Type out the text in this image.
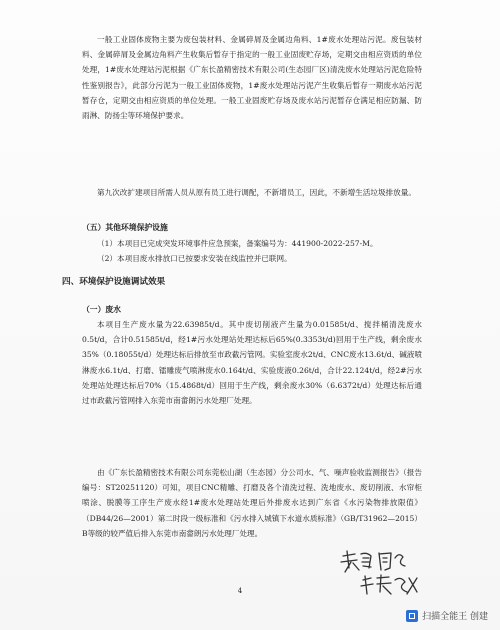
一般工业固体废物主要为废包装材料、金属碎屑及金属边角料、1#废水处理站污泥。废包装材料、金属碎屑及金属边角料产生收集后暂存于指定的一般工业固废贮存场，定期交由相应资质的单位处理，1#废水处理站污泥根据《广东长盈精密技术有限公司(生态园厂区)清洗废水处理站污泥危险特性鉴别报告》，此部分污泥为一般工业固体废物，1#废水处理站污泥产生收集后暂存一期废水站污泥暂存仓，定期交由相应资质的单位处理。一般工业固废贮存场及废水站污泥暂存仓满足相应防漏、防雨淋、防扬尘等环境保护要求。

第九次改扩建项目所需人员从原有员工进行调配，不新增员工，因此，不新增生活垃圾排放量。

（五）其他环境保护设施

（1）本项目已完成突发环境事件应急预案，备案编号为：441900-2022-257-M。

（2）本项目废水排放口已按要求安装在线监控并已联网。

四、环境保护设施调试效果

（一）废水

本项目生产废水量为22.63985t/d。其中废切削液产生量为0.01585t/d、搅拌桶清洗废水0.5t/d，合计0.51585t/d，经1#污水处理站处理达标后65%(0.3353t/d)回用于生产线，剩余废水35%（0.18055t/d）处理达标后排放至市政截污管网。实验室废水2t/d、CNC废水13.6t/d、碱液喷淋废水6.1t/d、打磨、镭雕废气喷淋废水0.164t/d、实验废液0.26t/d，合计22.124t/d，经2#污水处理站处理达标后70%（15.4868t/d）回用于生产线，剩余废水30%（6.6372t/d）处理达标后通过市政截污管网排入东莞市南畲朗污水处理厂处理。

由《广东长盈精密技术有限公司东莞松山湖（生态园）分公司水、气、噪声验收监测报告》（报告编号：ST20251120）可知，项目CNC精雕、打磨及各个清洗过程、洗地废水、废切削液、水帘柜喷涂、脱膜等工序生产废水经1#废水处理站处理后外排废水达到广东省《水污染物排放限值》（DB44/26—2001）第二时段一级标准和《污水排入城镇下水道水质标准》（GB/T31962—2015）B等级的较严值后排入东莞市南畲朗污水处理厂处理。

4
扫描全能王 创建
